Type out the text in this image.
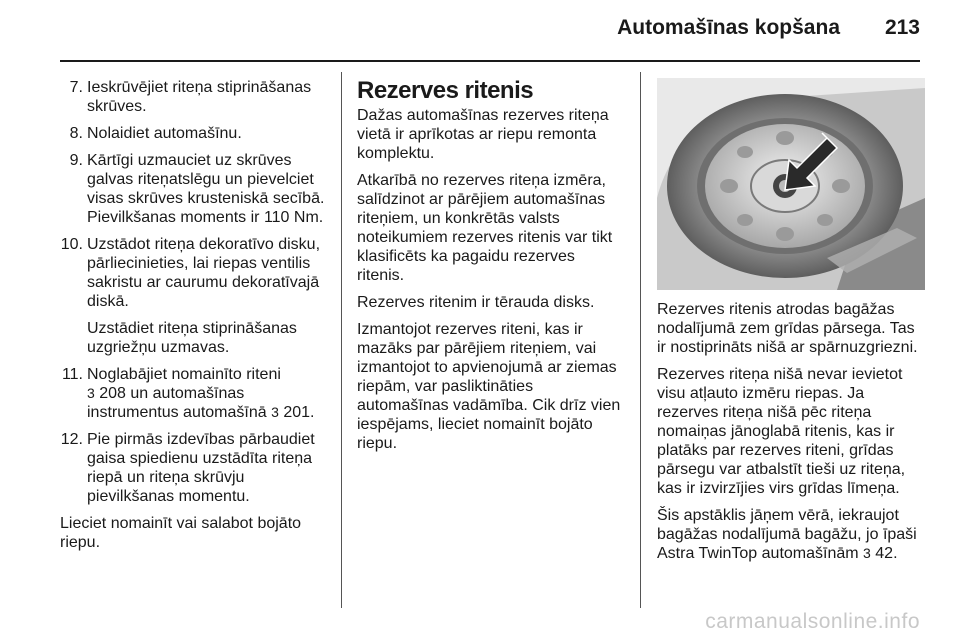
Automašīnas kopšana 213
7. Ieskrūvējiet riteņa stiprināšanas skrūves.
8. Nolaidiet automašīnu.
9. Kārtīgi uzmauciet uz skrūves galvas riteņatslēgu un pievelciet visas skrūves krusteniskā secībā. Pievilkšanas moments ir 110 Nm.
10. Uzstādot riteņa dekoratīvo disku, pārliecinieties, lai riepas ventilis sakristu ar caurumu dekoratīvajā diskā.
Uzstādiet riteņa stiprināšanas uzgriežņu uzmavas.
11. Noglabājiet nomainīto riteni
3 208 un automašīnas instrumentus automašīnā 3 201.
12. Pie pirmās izdevības pārbaudiet gaisa spiedienu uzstādīta riteņa riepā un riteņa skrūvju pievilkšanas momentu.

Lieciet nomainīt vai salabot bojāto riepu.

Rezerves ritenis

Dažas automašīnas rezerves riteņa vietā ir aprīkotas ar riepu remonta komplektu.

Atkarībā no rezerves riteņa izmēra, salīdzinot ar pārējiem automašīnas riteņiem, un konkrētās valsts noteikumiem rezerves ritenis var tikt klasificēts ka pagaidu rezerves ritenis.

Rezerves ritenim ir tērauda disks.

Izmantojot rezerves riteni, kas ir mazāks par pārējiem riteņiem, vai izmantojot to apvienojumā ar ziemas riepām, var pasliktināties automašīnas vadāmība. Cik drīz vien iespējams, lieciet nomainīt bojāto riepu.

Rezerves ritenis atrodas bagāžas nodalījumā zem grīdas pārsega. Tas ir nostiprināts nišā ar spārnuzgriezni.

Rezerves riteņa nišā nevar ievietot visu atļauto izmēru riepas. Ja rezerves riteņa nišā pēc riteņa nomaiņas jānoglabā ritenis, kas ir platāks par rezerves riteni, grīdas pārsegu var atbalstīt tieši uz riteņa, kas ir izvirzījies virs grīdas līmeņa.

Šis apstāklis jāņem vērā, iekraujot bagāžas nodalījumā bagāžu, jo īpaši Astra TwinTop automašīnām 3 42.

carmanualsonline.info
